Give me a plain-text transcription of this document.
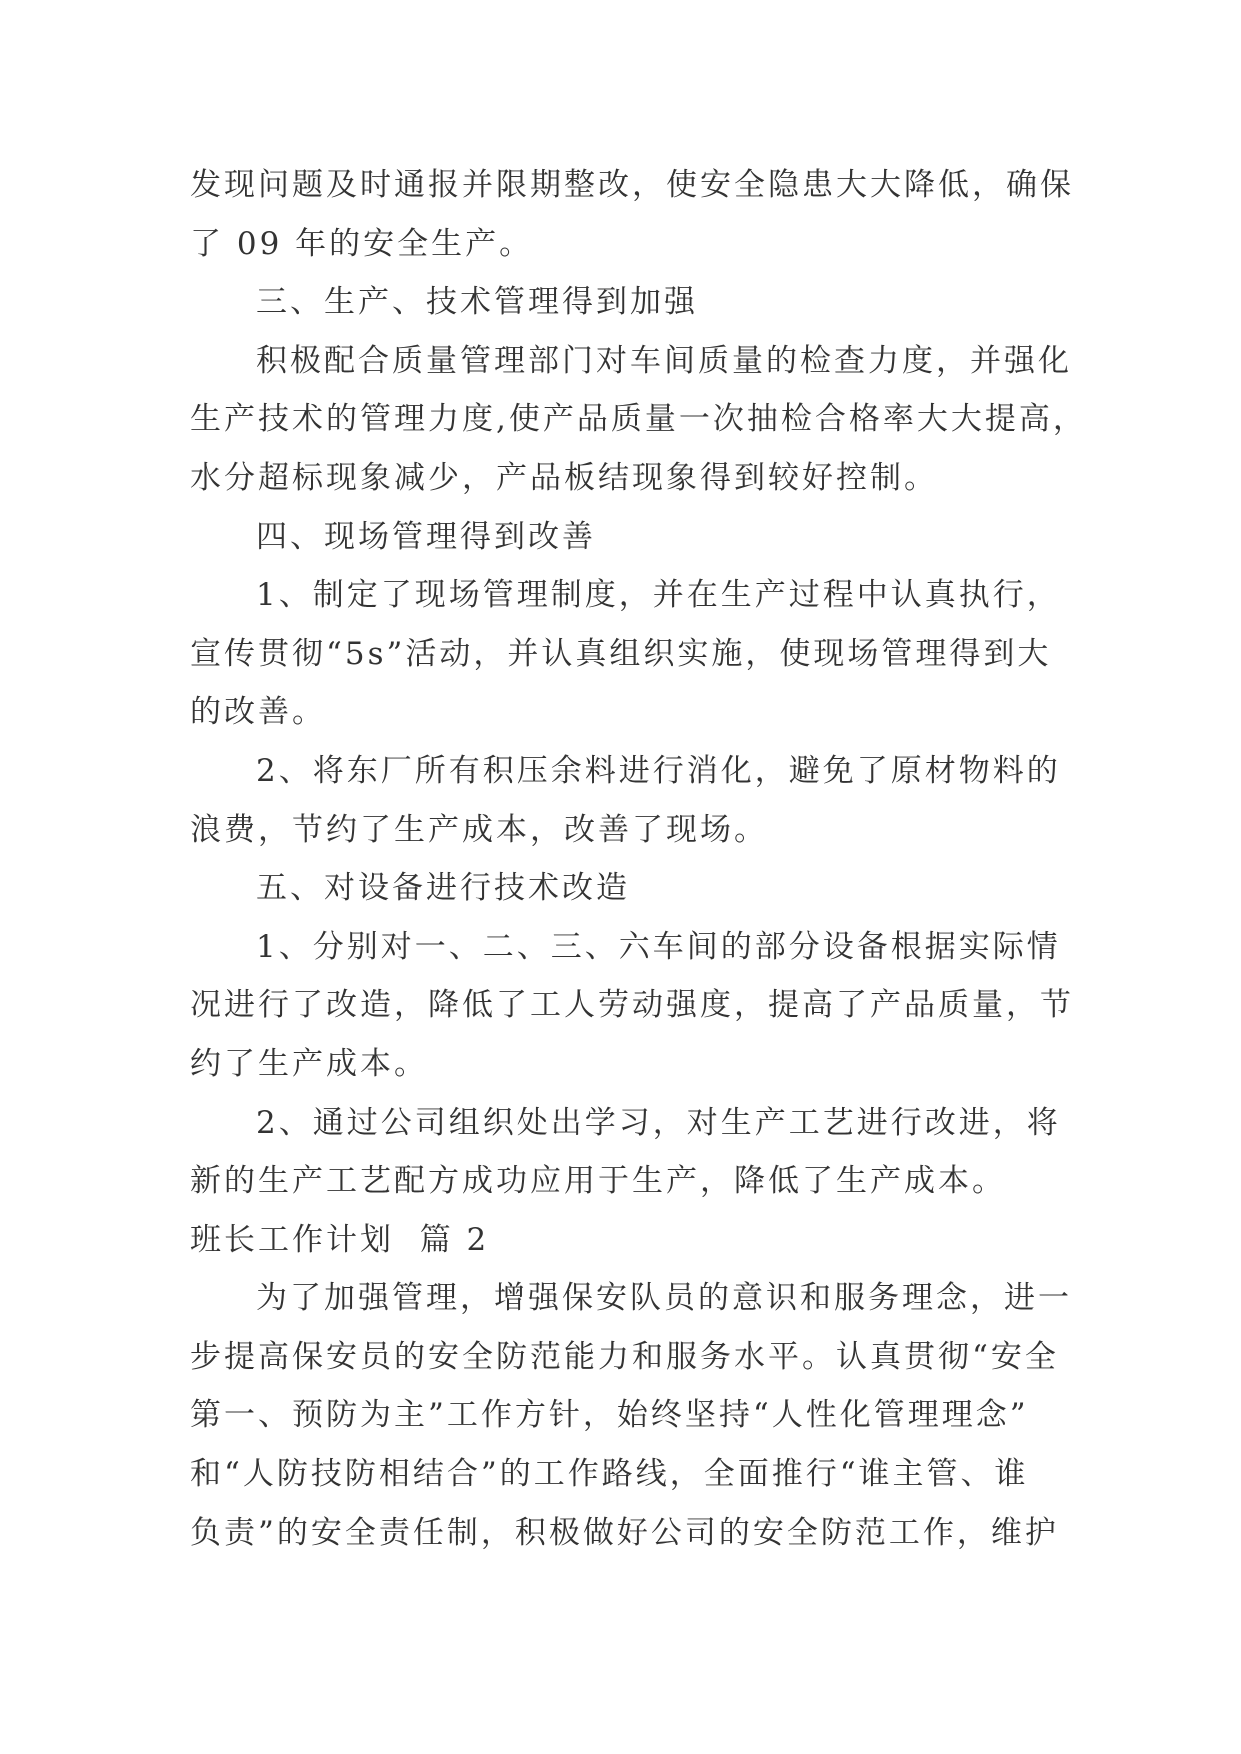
发现问题及时通报并限期整改，使安全隐患大大降低，确保
了 09 年的安全生产。

三、生产、技术管理得到加强

积极配合质量管理部门对车间质量的检查力度，并强化
生产技术的管理力度,使产品质量一次抽检合格率大大提高，
水分超标现象减少，产品板结现象得到较好控制。

四、现场管理得到改善

1、制定了现场管理制度，并在生产过程中认真执行，
宣传贯彻“5s”活动，并认真组织实施，使现场管理得到大
的改善。

2、将东厂所有积压余料进行消化，避免了原材物料的
浪费，节约了生产成本，改善了现场。

五、对设备进行技术改造

1、分别对一、二、三、六车间的部分设备根据实际情
况进行了改造，降低了工人劳动强度，提高了产品质量，节
约了生产成本。

2、通过公司组织处出学习，对生产工艺进行改进，将
新的生产工艺配方成功应用于生产，降低了生产成本。

班长工作计划  篇 2

为了加强管理，增强保安队员的意识和服务理念，进一
步提高保安员的安全防范能力和服务水平。认真贯彻“安全
第一、预防为主”工作方针，始终坚持“人性化管理理念”
和“人防技防相结合”的工作路线，全面推行“谁主管、谁
负责”的安全责任制，积极做好公司的安全防范工作，维护
